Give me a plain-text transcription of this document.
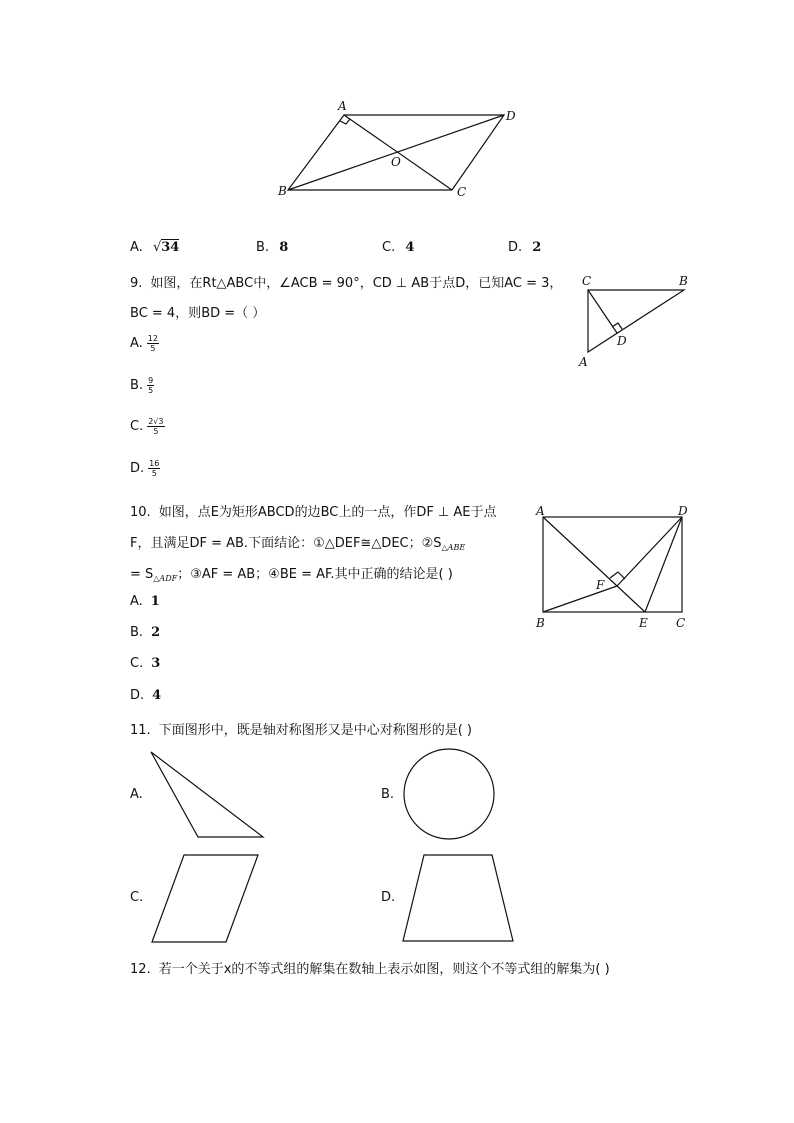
A
D
O
B	C
A. √34	B. 8	C. 4	D. 2
9. 如图，在Rt△ABC中，∠ACB = 90°，CD ⊥ AB于点D，已知AC = 3，
BC = 4，则BD =（ ）
C	B
D
A
A. $\frac{12}{5}$
B. $\frac{9}{5}$
C. $\frac{2√3}{5}$
D. $\frac{16}{5}$
10. 如图，点E为矩形ABCD的边BC上的一点，作DF ⊥ AE于点
F，且满足DF = AB.下面结论：①△DEF≅△DEC；$②S_{\triangle ABE}$
= $S_{\triangle ADF}$；③AF = AB；④BE = AF.其中正确的结论是( )
A	D
F
B	E C
A. 1
B. 2
C. 3
D. 4
11. 下面图形中，既是轴对称图形又是中心对称图形的是( )
A.	B.
C.	D.
12. 若一个关于x的不等式组的解集在数轴上表示如图，则这个不等式组的解集为( )
